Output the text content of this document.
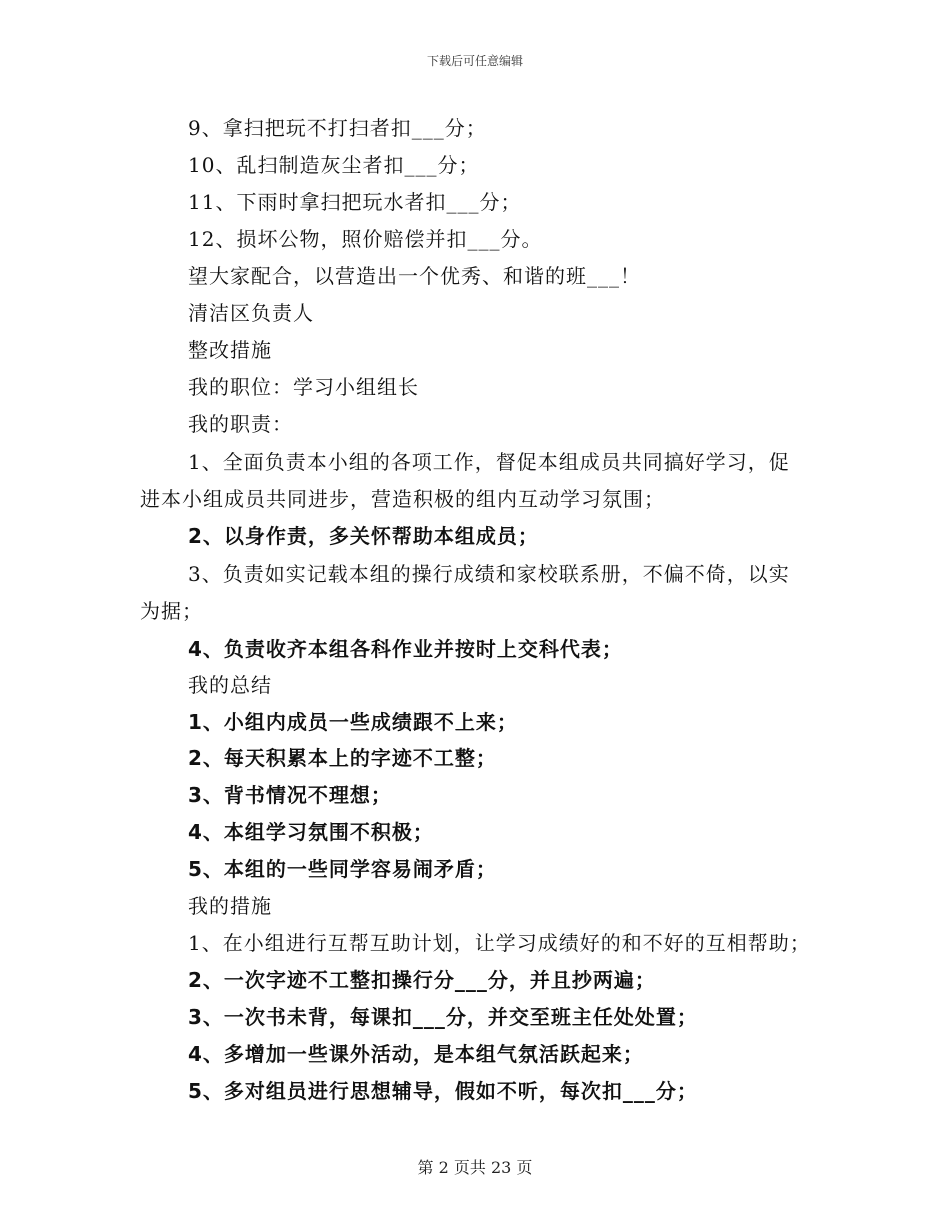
下载后可任意编辑
9、拿扫把玩不打扫者扣___分；
10、乱扫制造灰尘者扣___分；
11、下雨时拿扫把玩水者扣___分；
12、损坏公物，照价赔偿并扣___分。
望大家配合，以营造出一个优秀、和谐的班___！
清洁区负责人
整改措施
我的职位：学习小组组长
我的职责：
1、全面负责本小组的各项工作，督促本组成员共同搞好学习，促
进本小组成员共同进步，营造积极的组内互动学习氛围；
2、以身作责，多关怀帮助本组成员；
3、负责如实记载本组的操行成绩和家校联系册，不偏不倚，以实
为据；
4、负责收齐本组各科作业并按时上交科代表；
我的总结
1、小组内成员一些成绩跟不上来；
2、每天积累本上的字迹不工整；
3、背书情况不理想；
4、本组学习氛围不积极；
5、本组的一些同学容易闹矛盾；
我的措施
1、在小组进行互帮互助计划，让学习成绩好的和不好的互相帮助；
2、一次字迹不工整扣操行分___分，并且抄两遍；
3、一次书未背，每课扣___分，并交至班主任处处置；
4、多增加一些课外活动，是本组气氛活跃起来；
5、多对组员进行思想辅导，假如不听，每次扣___分；
第 2 页共 23 页
